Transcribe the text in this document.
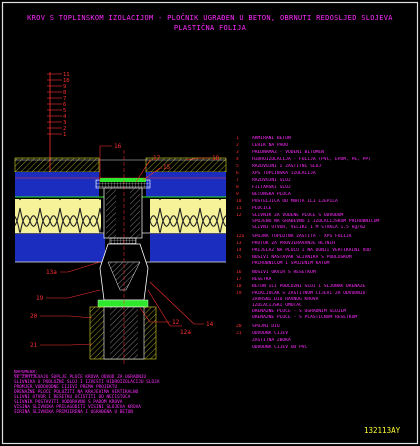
11
10
9
8
7
6
5
4
3
2
1
16
17
15
18
13a
19
20
21
12
12a
14
KROV S TOPLINSKOM IZOLACIJOM - PLOČNIK UGRAĐEN U BETON, OBRNUTI REDOSLJED SLOJEVA
PLASTIČNA FOLIJA
1	ARMIRANI BETON
2	CERIK NA PADU
3	PREDNAMAZ - VODENI BITUMEN
4	HIDROIZOLACIJA - FOLIJA (PVC, EPDM, PE, PP)
5	RAZDVOJNI I ZAŠTITNI SLOJ
6	XPS TOPLINSKA IZOLACIJA
7	RAZDVOJNI SLOJ
8	FILTARSKI SLOJ
9	BETONSKA PLOČA
10 POSTELJICA OD MORTA ILI LJEPILA
11 PLOČICE
12 SLIVNIK ZA VODENE PLOČE S ODVODOM
SPOJENO NA GRAĐEVNO I IZOLACIJSKOM PRIRUBNICOM
SLIVNI OTVOR, VELIKI 1 M STAKLA 1.5 kg/m2
12a SPOJNA TOPLOTNA ZAŠTITA - XPS FOLIJA
13 PROTOK ZA PROVJERAVANJE HLTNIH
14 PRIJELAZ NA PLOČU I NA DONJI VERTIKALNI VOD
15 NOSIVI NASTAVAK SLIVNIKA S PODLOŠKOM
PRIRUBNICOM I SPOJENIM KATOM
16 NOSIVI OKVIR S REŠETKOM
17 REŠETKA
18 BETON ILI PODLOŽNI SLOJ I ŠLJUNAK DRENAŽE
19 PRIKLJUČAK S ZAŠTITNOM CIJEVI ZA ODVODNJU
ZAVRŠNI DIO RAVNOG KROVA
IZOLACIJSKI OMOTAČ
DRENAŽNE PLOČE - S UGRADNIM SLOJEM
DRENAŽNE PLOČE - S PLASTIČNOM REŠETKOM
20 SPOJNI DIO
21 ODVODNA CIJEV
ZAŠTITNA ŽBUKA
ODVODNA CIJEV OD PVC
NAPOMENA:
SE ZAHTJEVAJU ŠUPLJE PLOČE KROVA ODVOD ZA UGRADNJU
SLIVNIKA U PODLOŽNI SLOJ I IZVESTI HIDROIZOLACIJU SLOJA
PROMJER VODOVODNE CIJEVI PREMA PROJEKTU
DRENAŽNE PLOČE POLOŽITI NA KRAJEVIMA VERTIKALNO
SLIVNI OTVOR I REŠETKU OČISTITI OD NEČISTOĆA
SLIVNIK POSTAVITI VODORAVNO S PADOM KROVA
VISINA SLIVNIKA PRILAGODITI VISINI SLOJEVA KROVA
ŠIRINA SLIVNIKA PRIMJERENA I UGRAĐENA U BETON
132113AY
